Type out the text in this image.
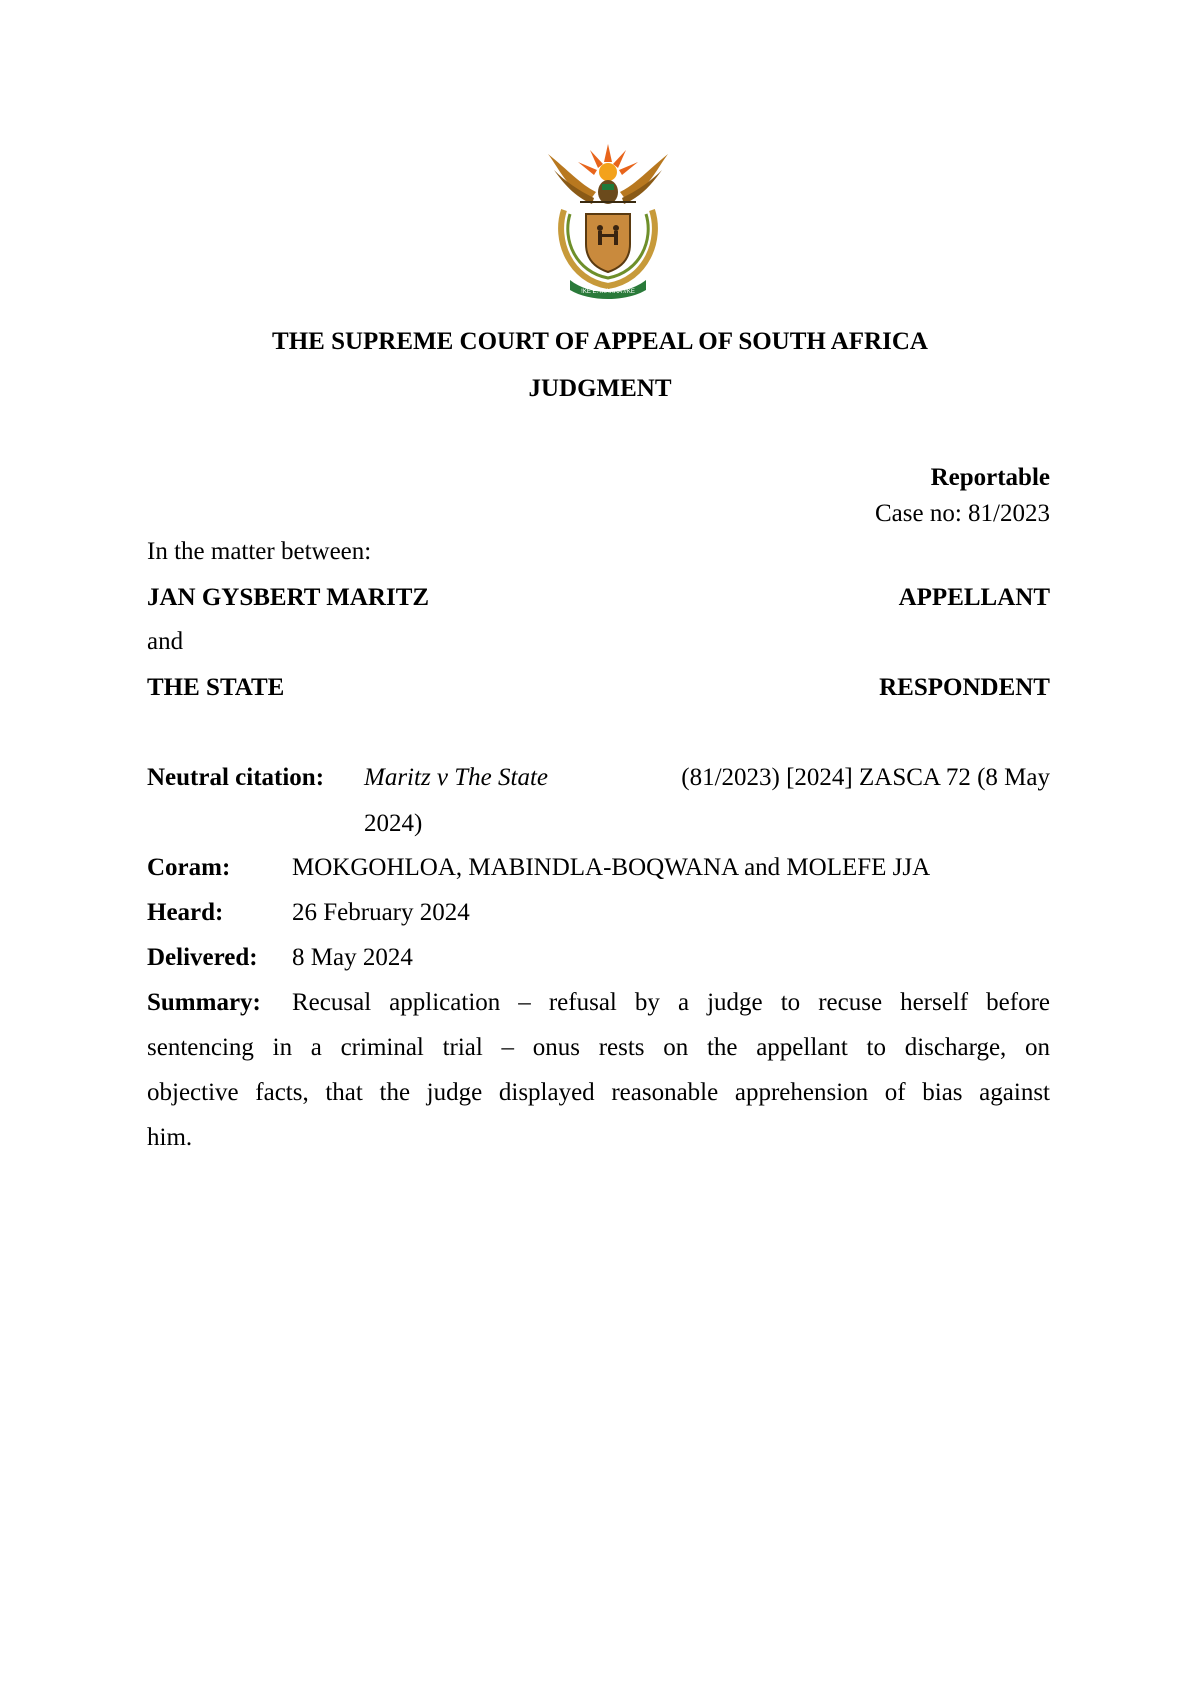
!KE E: /XARRA //KE
THE SUPREME COURT OF APPEAL OF SOUTH AFRICA
JUDGMENT
Reportable
Case no: 81/2023
In the matter between:
JAN GYSBERT MARITZ	APPELLANT
and
THE STATE	RESPONDENT
Neutral citation: Maritz v The State	(81/2023) [2024] ZASCA 72 (8 May
2024)
Coram: MOKGOHLOA, MABINDLA-BOQWANA and MOLEFE JJA
Heard:	26 February 2024
Delivered: 8 May 2024
Summary: Recusal application – refusal by a judge to recuse herself before
sentencing in a criminal trial – onus rests on the appellant to discharge, on
objective facts, that the judge displayed reasonable apprehension of bias against
him.
